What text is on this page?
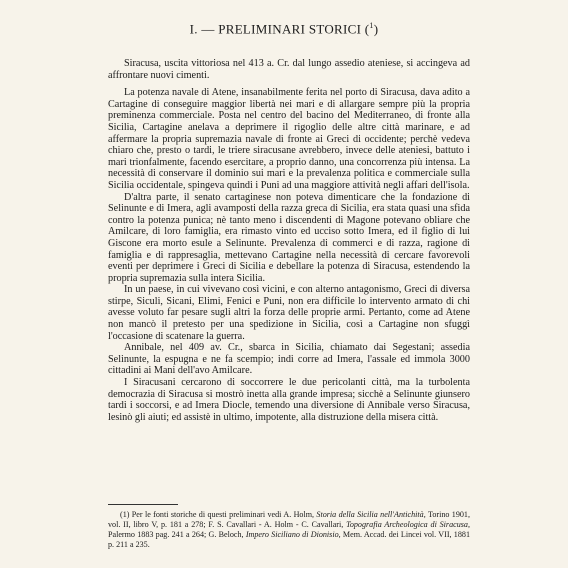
I. — PRELIMINARI STORICI ($^1$)

Siracusa, uscita vittoriosa nel 413 a. Cr. dal lungo assedio ateniese, si accingeva ad affrontare nuovi cimenti.

La potenza navale di Atene, insanabilmente ferita nel porto di Siracusa, dava adito a Cartagine di conseguire maggior libertà nei mari e di allargare sempre più la propria preminenza commerciale. Posta nel centro del bacino del Mediterraneo, di fronte alla Sicilia, Cartagine anelava a deprimere il rigoglio delle altre città marinare, e ad affermare la propria supremazia navale di fronte ai Greci di occidente; perchè vedeva chiaro che, presto o tardi, le triere siracusane avrebbero, invece delle ateniesi, battuto i mari trionfalmente, facendo esercitare, a proprio danno, una concorrenza più intensa. La necessità di conservare il dominio sui mari e la prevalenza politica e commerciale sulla Sicilia occidentale, spingeva quindi i Puni ad una maggiore attività negli affari dell'isola.

D'altra parte, il senato cartaginese non poteva dimenticare che la fondazione di Selinunte e di Imera, agli avamposti della razza greca di Sicilia, era stata quasi una sfida contro la potenza punica; nè tanto meno i discendenti di Magone potevano obliare che Amilcare, di loro famiglia, era rimasto vinto ed ucciso sotto Imera, ed il figlio di lui Giscone era morto esule a Selinunte. Prevalenza di commerci e di razza, ragione di famiglia e di rappresaglia, mettevano Cartagine nella necessità di cercare favorevoli eventi per deprimere i Greci di Sicilia e debellare la potenza di Siracusa, estendendo la propria supremazia sulla intera Sicilia.

In un paese, in cui vivevano così vicini, e con alterno antagonismo, Greci di diversa stirpe, Siculi, Sicani, Elimi, Fenici e Puni, non era difficile lo intervento armato di chi avesse voluto far pesare sugli altri la forza delle proprie armi. Pertanto, come ad Atene non mancò il pretesto per una spedizione in Sicilia, così a Cartagine non sfuggì l'occasione di scatenare la guerra.

Annibale, nel 409 av. Cr., sbarca in Sicilia, chiamato dai Segestani; assedia Selinunte, la espugna e ne fa scempio; indi corre ad Imera, l'assale ed immola 3000 cittadini ai Mani dell'avo Amilcare.

I Siracusani cercarono di soccorrere le due pericolanti città, ma la turbolenta democrazia di Siracusa si mostrò inetta alla grande impresa; sicchè a Selinunte giunsero tardi i soccorsi, e ad Imera Diocle, temendo una diversione di Annibale verso Siracusa, lesinò gli aiuti; ed assistè in ultimo, impotente, alla distruzione della misera città.

(1) Per le fonti storiche di questi preliminari vedi A. Holm, Storia della Sicilia nell'Antichità, Torino 1901, vol. II, libro V, p. 181 a 278; F. S. Cavallari - A. Holm - C. Cavallari, Topografia Archeologica di Siracusa, Palermo 1883 pag. 241 a 264; G. Beloch, Impero Siciliano di Dionisio, Mem. Accad. dei Lincei vol. VII, 1881 p. 211 a 235.
